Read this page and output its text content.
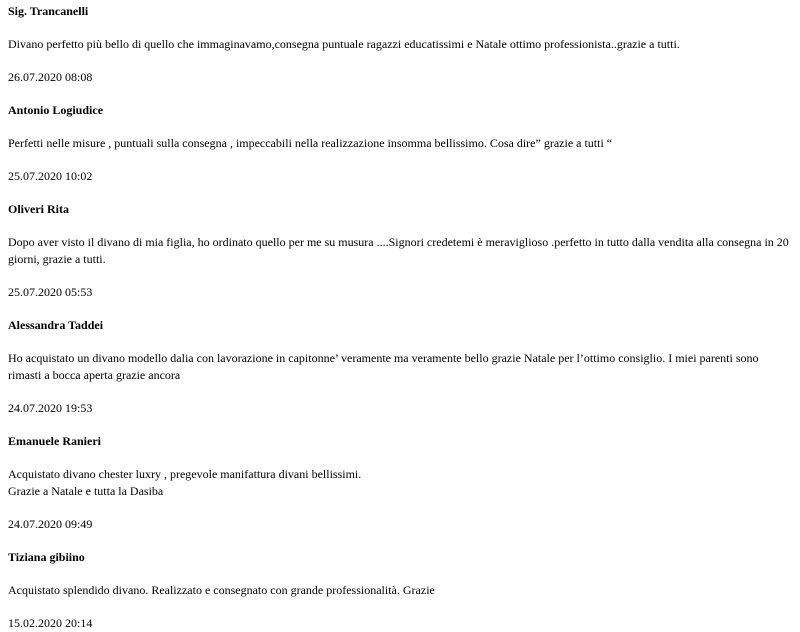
Sig. Trancanelli
Divano perfetto più bello di quello che immaginavamo,consegna puntuale ragazzi educatissimi e Natale ottimo professionista..grazie a tutti.
26.07.2020 08:08
Antonio Logiudice
Perfetti nelle misure , puntuali sulla consegna , impeccabili nella realizzazione insomma bellissimo. Cosa dire” grazie a tutti “
25.07.2020 10:02
Oliveri Rita
Dopo aver visto il divano di mia figlia, ho ordinato quello per me su musura ....Signori credetemi è meraviglioso .perfetto in tutto dalla vendita alla consegna in 20 giorni, grazie a tutti.
25.07.2020 05:53
Alessandra Taddei
Ho acquistato un divano modello dalia con lavorazione in capitonne’ veramente ma veramente bello grazie Natale per l’ottimo consiglio. I miei parenti sono rimasti a bocca aperta grazie ancora
24.07.2020 19:53
Emanuele Ranieri
Acquistato divano chester luxry , pregevole manifattura divani bellissimi.
Grazie a Natale e tutta la Dasiba
24.07.2020 09:49
Tiziana gibiino
Acquistato splendido divano. Realizzato e consegnato con grande professionalità. Grazie
15.02.2020 20:14
